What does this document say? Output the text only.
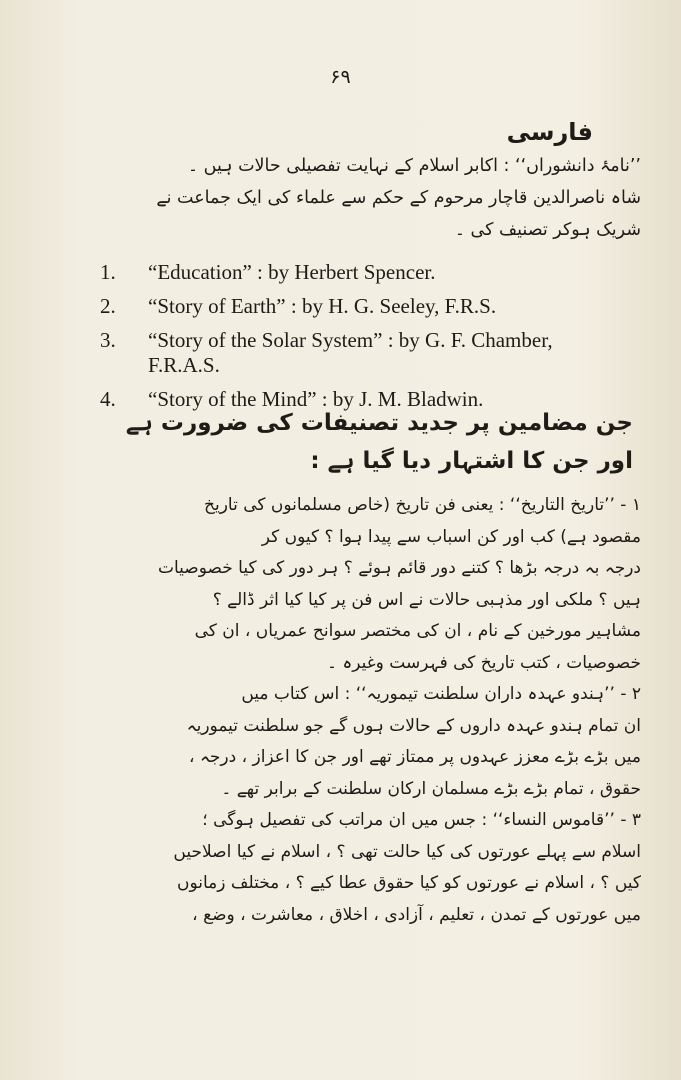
۶۹
فارسی
’’نامۂ دانشوراں‘‘ : اکابر اسلام کے نہایت تفصیلی حالات ہیں ۔
شاہ ناصرالدین قاچار مرحوم کے حکم سے علماء کی ایک جماعت نے
شریک ہوکر تصنیف کی ۔
1.	“Education” : by Herbert Spencer.
2.	“Story of Earth” : by H. G. Seeley, F.R.S.
3.	“Story of the Solar System” : by G. F. Chamber, F.R.A.S.
4.	“Story of the Mind” : by J. M. Bladwin.
جن مضامین پر جدید تصنیفات کی ضرورت ہے
اور جن کا اشتہار دیا گیا ہے :
۱ - ’’تاریخ التاریخ‘‘ : یعنی فن تاریخ (خاص مسلمانوں کی تاریخ
مقصود ہے) کب اور کن اسباب سے پیدا ہوا ؟ کیوں کر
درجہ بہ درجہ بڑھا ؟ کتنے دور قائم ہوئے ؟ ہر دور کی کیا خصوصیات
ہیں ؟ ملکی اور مذہبی حالات نے اس فن پر کیا کیا اثر ڈالے ؟
مشاہیر مورخین کے نام ، ان کی مختصر سوانح عمریاں ، ان کی
خصوصیات ، کتب تاریخ کی فہرست وغیرہ ۔
۲ - ’’ہندو عہدہ داران سلطنت تیموریہ‘‘ : اس کتاب میں
ان تمام ہندو عہدہ داروں کے حالات ہوں گے جو سلطنت تیموریہ
میں بڑے بڑے معزز عہدوں پر ممتاز تھے اور جن کا اعزاز ، درجہ ،
حقوق ، تمام بڑے بڑے مسلمان ارکان سلطنت کے برابر تھے ۔
۳ - ’’قاموس النساء‘‘ : جس میں ان مراتب کی تفصیل ہوگی ؛
اسلام سے پہلے عورتوں کی کیا حالت تھی ؟ ، اسلام نے کیا اصلاحیں
کیں ؟ ، اسلام نے عورتوں کو کیا حقوق عطا کیے ؟ ، مختلف زمانوں
میں عورتوں کے تمدن ، تعلیم ، آزادی ، اخلاق ، معاشرت ، وضع ،
